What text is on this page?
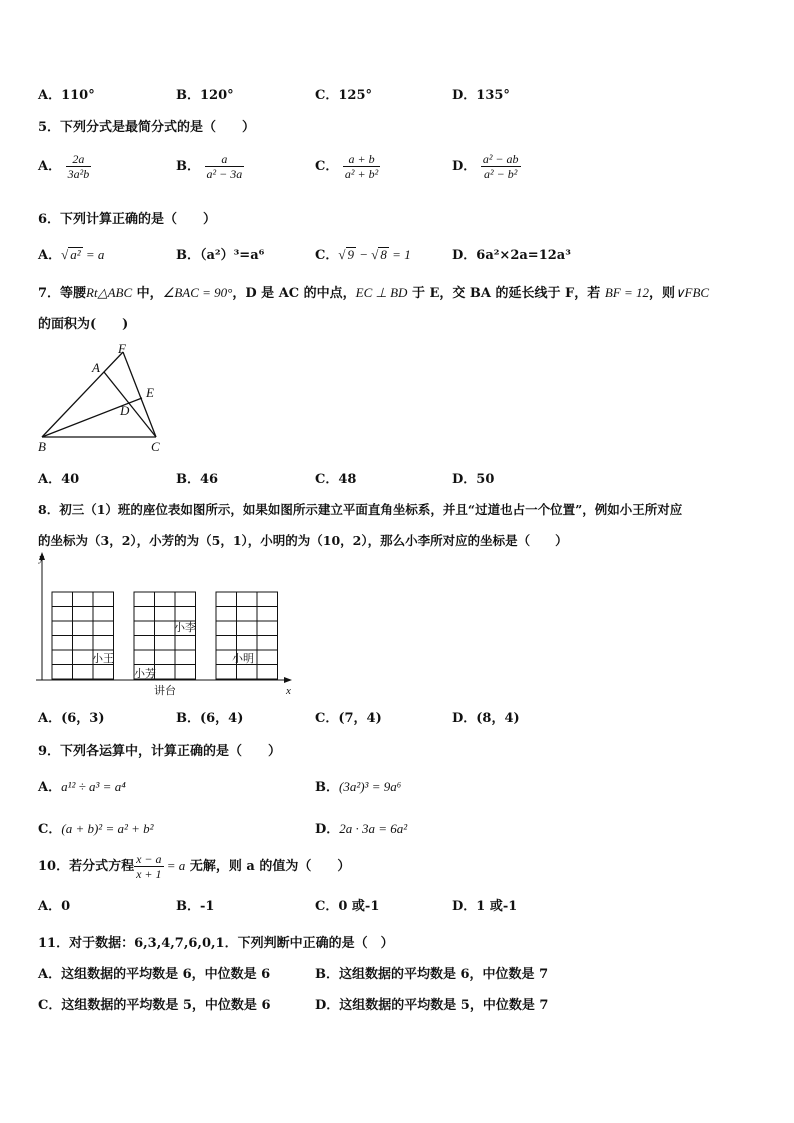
A．110°	B．120°	C．125°	D．135°
5．下列分式是最简分式的是（　　）
A． $\frac{2a}{\text{3a²b}}$	B． $\frac{a}{\text{a² − 3a}}$	C． $\frac{a + b}{\text{a² + b²}}$	D． $\frac{\text{a² − ab}}{\text{a² − b²}}$
6．下列计算正确的是（　　）
A．√ a² = a	B．（a²）³=a⁶	C．√ 9 − √ 8 = 1	D．6a²×2a=12a³
7．等腰Rt△ABC 中，∠BAC = 90°，D 是 AC 的中点，EC ⊥ BD 于 E，交 BA 的延长线于 F，若 BF = 12，则∨FBC
的面积为(　　)
F
A
E
D
B	C
A．40	B．46	C．48	D．50
8．初三（1）班的座位表如图所示，如果如图所示建立平面直角坐标系，并且“过道也占一个位置”，例如小王所对应
的坐标为（3，2），小芳的为（5，1），小明的为（10，2），那么小李所对应的坐标是（　　）
y
x
小王
小芳
小李
小明
讲台
A．(6，3)	B．(6，4)	C．(7，4)	D．(8，4)
9．下列各运算中，计算正确的是（　　）
A．a¹² ÷ a³ = a⁴	B．(3a²)³ = 9a⁶
C．(a + b)² = a² + b²	D．2a · 3a = 6a²
10．若分式方程 $\frac{x - a}{x + 1} = a$ 无解，则 a 的值为（　　）
A．0	B．-1	C．0 或-1	D．1 或-1
11．对于数据：6,3,4,7,6,0,1．下列判断中正确的是（　）
A．这组数据的平均数是 6，中位数是 6	B．这组数据的平均数是 6，中位数是 7
C．这组数据的平均数是 5，中位数是 6	D．这组数据的平均数是 5，中位数是 7
